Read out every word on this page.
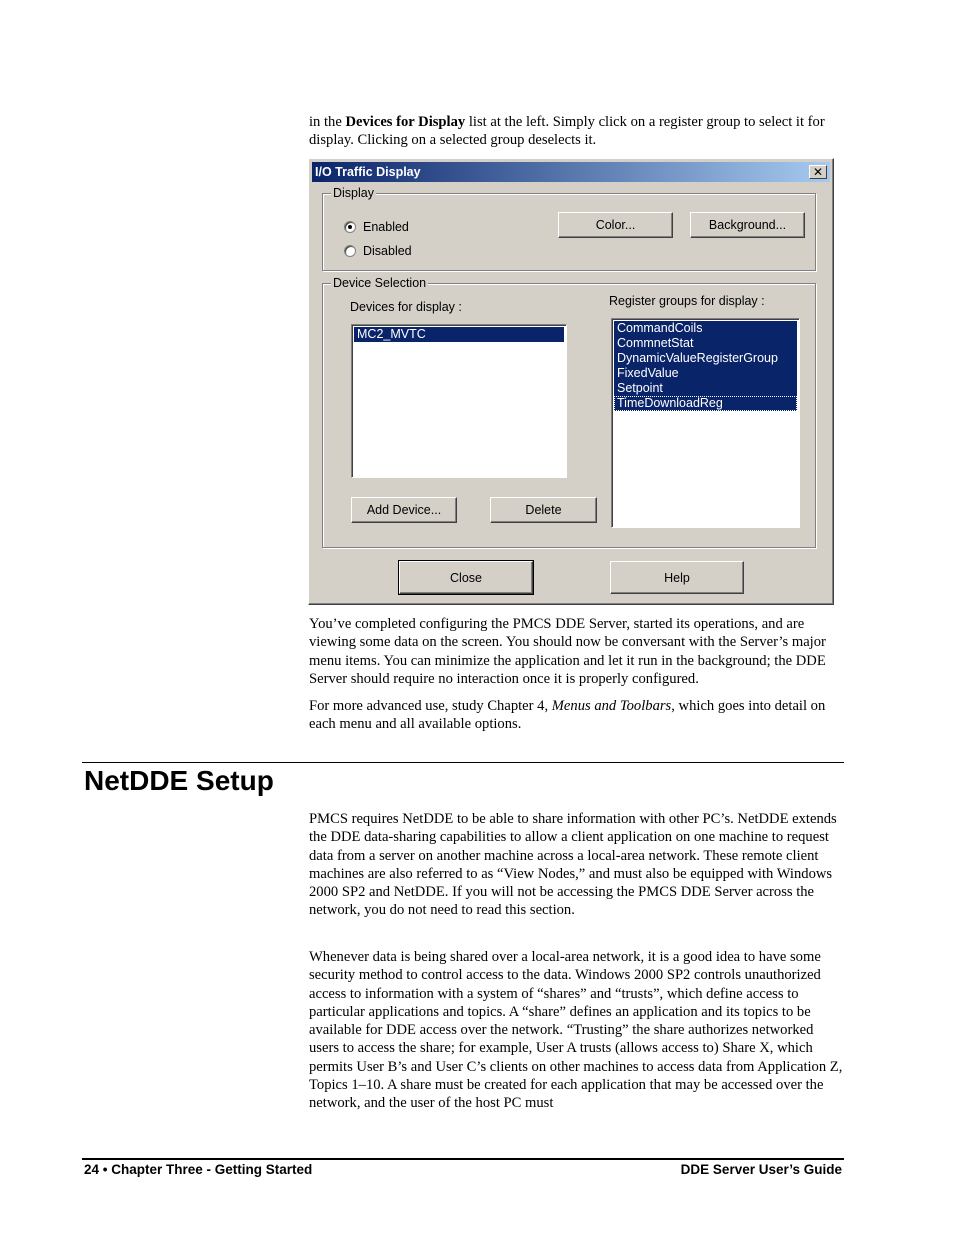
in the Devices for Display list at the left. Simply click on a register group to select it for display. Clicking on a selected group deselects it.

I/O Traffic Display	✕
Display
Enabled
Disabled
Color...	Background...
Device Selection
Devices for display :	Register groups for display :
MC2_MVTC	CommandCoils
CommnetStat
DynamicValueRegisterGroup
FixedValue
Setpoint
TimeDownloadReg
Add Device...	Delete
Close	Help

You’ve completed configuring the PMCS DDE Server, started its operations, and are viewing some data on the screen. You should now be conversant with the Server’s major menu items. You can minimize the application and let it run in the background; the DDE Server should require no interaction once it is properly configured.

For more advanced use, study Chapter 4, Menus and Toolbars, which goes into detail on each menu and all available options.

NetDDE Setup

PMCS requires NetDDE to be able to share information with other PC’s. NetDDE extends the DDE data-sharing capabilities to allow a client application on one machine to request data from a server on another machine across a local-area network. These remote client machines are also referred to as “View Nodes,” and must also be equipped with Windows 2000 SP2 and NetDDE. If you will not be accessing the PMCS DDE Server across the network, you do not need to read this section.

Whenever data is being shared over a local-area network, it is a good idea to have some security method to control access to the data. Windows 2000 SP2 controls unauthorized access to information with a system of “shares” and “trusts”, which define access to particular applications and topics. A “share” defines an application and its topics to be available for DDE access over the network. “Trusting” the share authorizes networked users to access the share; for example, User A trusts (allows access to) Share X, which permits User B’s and User C’s clients on other machines to access data from Application Z, Topics 1–10. A share must be created for each application that may be accessed over the network, and the user of the host PC must

24 • Chapter Three - Getting Started	DDE Server User’s Guide
